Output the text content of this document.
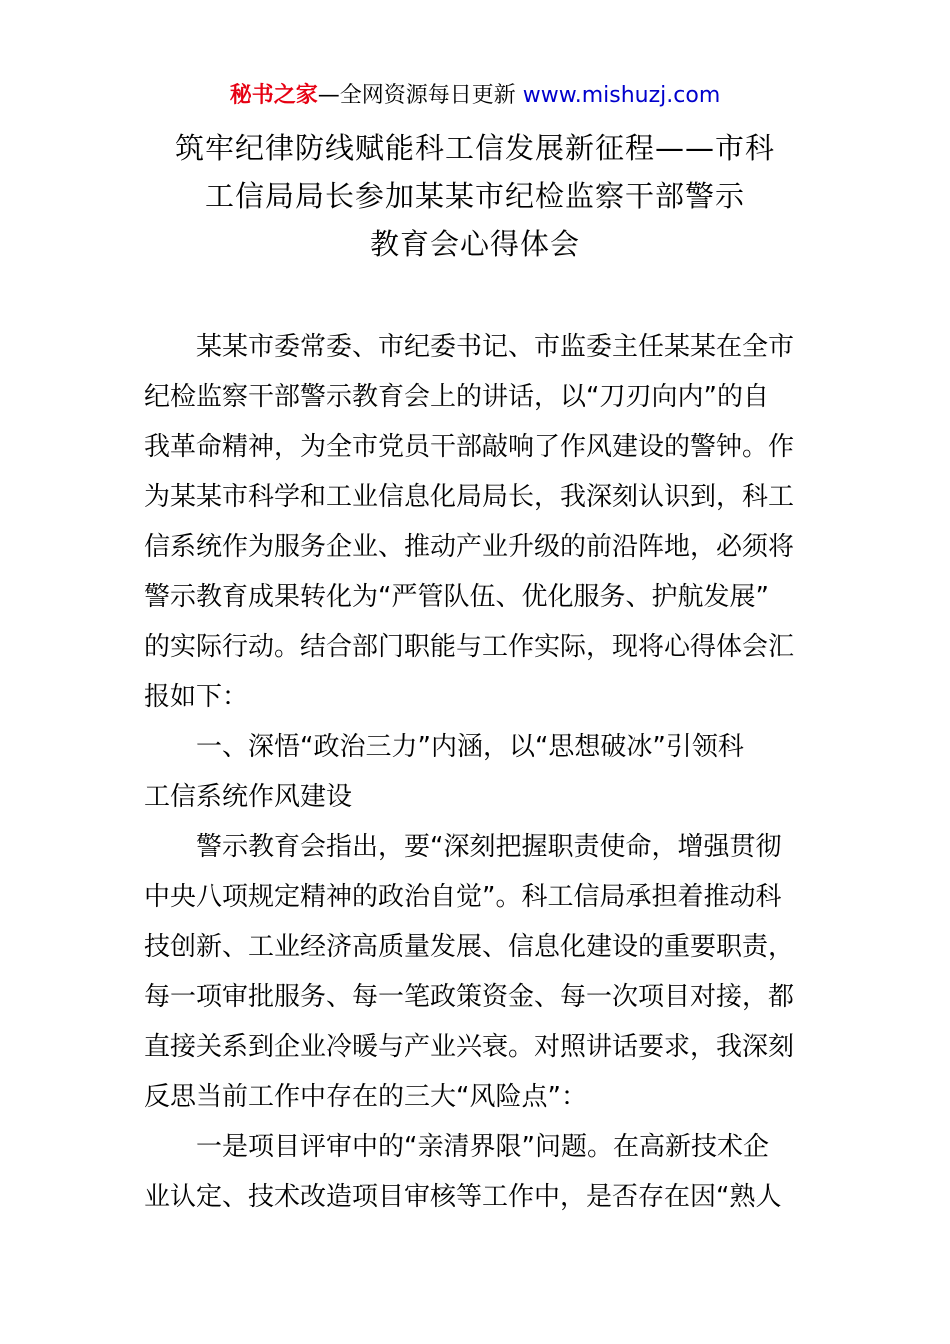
秘书之家—全网资源每日更新 www.mishuzj.com
筑牢纪律防线赋能科工信发展新征程——市科
工信局局长参加某某市纪检监察干部警示
教育会心得体会
某某市委常委、市纪委书记、市监委主任某某在全市
纪检监察干部警示教育会上的讲话，以“刀刃向内”的自
我革命精神，为全市党员干部敲响了作风建设的警钟。作
为某某市科学和工业信息化局局长，我深刻认识到，科工
信系统作为服务企业、推动产业升级的前沿阵地，必须将
警示教育成果转化为“严管队伍、优化服务、护航发展”
的实际行动。结合部门职能与工作实际，现将心得体会汇
报如下：
一、深悟“政治三力”内涵，以“思想破冰”引领科
工信系统作风建设
警示教育会指出，要“深刻把握职责使命，增强贯彻
中央八项规定精神的政治自觉”。科工信局承担着推动科
技创新、工业经济高质量发展、信息化建设的重要职责，
每一项审批服务、每一笔政策资金、每一次项目对接，都
直接关系到企业冷暖与产业兴衰。对照讲话要求，我深刻
反思当前工作中存在的三大“风险点”：
一是项目评审中的“亲清界限”问题。在高新技术企
业认定、技术改造项目审核等工作中，是否存在因“熟人
